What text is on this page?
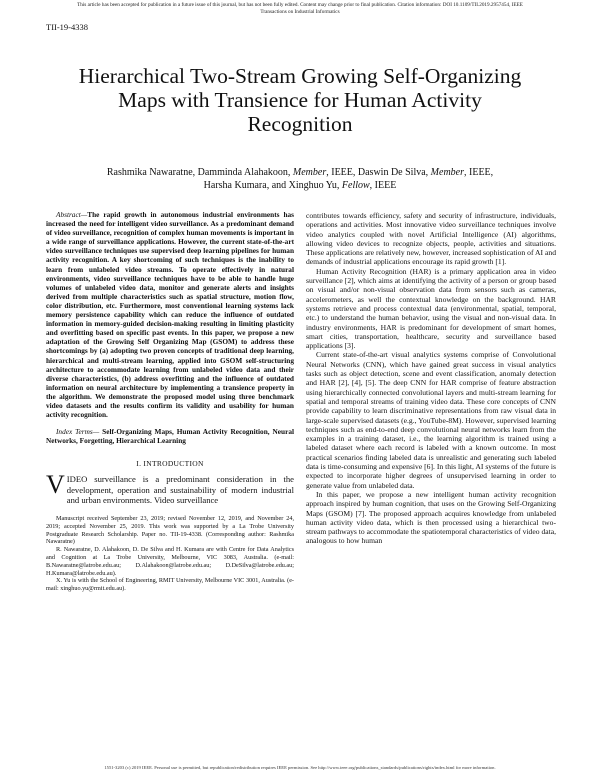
This article has been accepted for publication in a future issue of this journal, but has not been fully edited. Content may change prior to final publication. Citation information: DOI 10.1109/TII.2019.2957454, IEEE
Transactions on Industrial Informatics
TII-19-4338
Hierarchical Two-Stream Growing Self-Organizing Maps with Transience for Human Activity Recognition
Rashmika Nawaratne, Damminda Alahakoon, Member, IEEE, Daswin De Silva, Member, IEEE,
Harsha Kumara, and Xinghuo Yu, Fellow, IEEE

Abstract—The rapid growth in autonomous industrial environments has increased the need for intelligent video surveillance. As a predominant demand of video surveillance, recognition of complex human movements is important in a wide range of surveillance applications. However, the current state-of-the-art video surveillance techniques use supervised deep learning pipelines for human activity recognition. A key shortcoming of such techniques is the inability to learn from unlabeled video streams. To operate effectively in natural environments, video surveillance techniques have to be able to handle huge volumes of unlabeled video data, monitor and generate alerts and insights derived from multiple characteristics such as spatial structure, motion flow, color distribution, etc. Furthermore, most conventional learning systems lack memory persistence capability which can reduce the influence of outdated information in memory-guided decision-making resulting in limiting plasticity and overfitting based on specific past events. In this paper, we propose a new adaptation of the Growing Self Organizing Map (GSOM) to address these shortcomings by (a) adopting two proven concepts of traditional deep learning, hierarchical and multi-stream learning, applied into GSOM self-structuring architecture to accommodate learning from unlabeled video data and their diverse characteristics, (b) address overfitting and the influence of outdated information on neural architecture by implementing a transience property in the algorithm. We demonstrate the proposed model using three benchmark video datasets and the results confirm its validity and usability for human activity recognition.

Index Terms— Self-Organizing Maps, Human Activity Recognition, Neural Networks, Forgetting, Hierarchical Learning

I. INTRODUCTION

VIDEO surveillance is a predominant consideration in the development, operation and sustainability of modern industrial and urban environments. Video surveillance

Manuscript received September 23, 2019; revised November 12, 2019, and November 24, 2019; accepted November 25, 2019. This work was supported by a La Trobe University Postgraduate Research Scholarship. Paper no. TII-19-4338. (Corresponding author: Rashmika Nawaratne)

R. Nawaratne, D. Alahakoon, D. De Silva and H. Kumara are with Centre for Data Analytics and Cognition at La Trobe University, Melbourne, VIC 3083, Australia. (e-mail: B.Nawaratne@latrobe.edu.au; D.Alahakoon@latrobe.edu.au; D.DeSilva@latrobe.edu.au; H.Kumara@latrobe.edu.au).

X. Yu is with the School of Engineering, RMIT University, Melbourne VIC 3001, Australia. (e-mail: xinghuo.yu@rmit.edu.au).

contributes towards efficiency, safety and security of infrastructure, individuals, operations and activities. Most innovative video surveillance techniques involve video analytics coupled with novel Artificial Intelligence (AI) algorithms, allowing video devices to recognize objects, people, activities and situations. These applications are relatively new, however, increased sophistication of AI and demands of industrial applications encourage its rapid growth [1].

Human Activity Recognition (HAR) is a primary application area in video surveillance [2], which aims at identifying the activity of a person or group based on visual and/or non-visual observation data from sensors such as cameras, accelerometers, as well the contextual knowledge on the background. HAR systems retrieve and process contextual data (environmental, spatial, temporal, etc.) to understand the human behavior, using the visual and non-visual data. In industry environments, HAR is predominant for development of smart homes, smart cities, transportation, healthcare, security and surveillance based applications [3].

Current state-of-the-art visual analytics systems comprise of Convolutional Neural Networks (CNN), which have gained great success in visual analytics tasks such as object detection, scene and event classification, anomaly detection and HAR [2], [4], [5]. The deep CNN for HAR comprise of feature abstraction using hierarchically connected convolutional layers and multi-stream learning for spatial and temporal streams of training video data. These core concepts of CNN provide capability to learn discriminative representations from raw visual data in large-scale supervised datasets (e.g., YouTube-8M). However, supervised learning techniques such as end-to-end deep convolutional neural networks learn from the examples in a training dataset, i.e., the learning algorithm is trained using a labeled dataset where each record is labeled with a known outcome. In most practical scenarios finding labeled data is unrealistic and generating such labeled data is time-consuming and expensive [6]. In this light, AI systems of the future is expected to incorporate higher degrees of unsupervised learning in order to generate value from unlabeled data.

In this paper, we propose a new intelligent human activity recognition approach inspired by human cognition, that uses on the Growing Self-Organizing Maps (GSOM) [7]. The proposed approach acquires knowledge from unlabeled human activity video data, which is then processed using a hierarchical two-stream pathways to accommodate the spatiotemporal characteristics of video data, analogous to how human

1551-3203 (c) 2019 IEEE. Personal use is permitted, but republication/redistribution requires IEEE permission. See http://www.ieee.org/publications_standards/publications/rights/index.html for more information.
